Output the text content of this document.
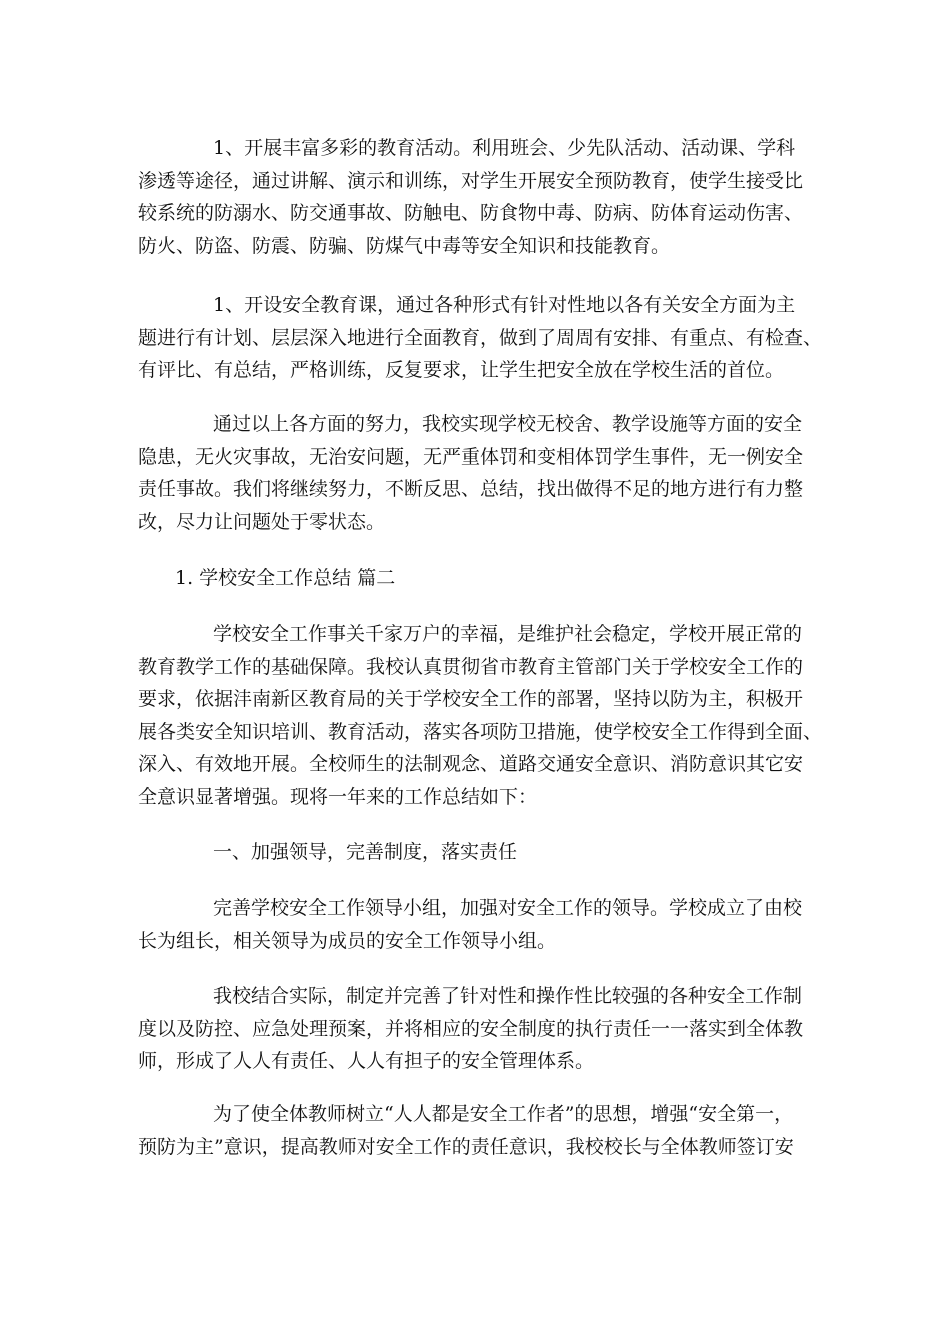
1、开展丰富多彩的教育活动。利用班会、少先队活动、活动课、学科
渗透等途径，通过讲解、演示和训练，对学生开展安全预防教育，使学生接受比
较系统的防溺水、防交通事故、防触电、防食物中毒、防病、防体育运动伤害、
防火、防盗、防震、防骗、防煤气中毒等安全知识和技能教育。
1、开设安全教育课，通过各种形式有针对性地以各有关安全方面为主
题进行有计划、层层深入地进行全面教育，做到了周周有安排、有重点、有检查、
有评比、有总结，严格训练，反复要求，让学生把安全放在学校生活的首位。
通过以上各方面的努力，我校实现学校无校舍、教学设施等方面的安全
隐患，无火灾事故，无治安问题，无严重体罚和变相体罚学生事件，无一例安全
责任事故。我们将继续努力，不断反思、总结，找出做得不足的地方进行有力整
改，尽力让问题处于零状态。
1. 学校安全工作总结 篇二
学校安全工作事关千家万户的幸福，是维护社会稳定，学校开展正常的
教育教学工作的基础保障。我校认真贯彻省市教育主管部门关于学校安全工作的
要求，依据沣南新区教育局的关于学校安全工作的部署，坚持以防为主，积极开
展各类安全知识培训、教育活动，落实各项防卫措施，使学校安全工作得到全面、
深入、有效地开展。全校师生的法制观念、道路交通安全意识、消防意识其它安
全意识显著增强。现将一年来的工作总结如下：
一、加强领导，完善制度，落实责任
完善学校安全工作领导小组，加强对安全工作的领导。学校成立了由校
长为组长，相关领导为成员的安全工作领导小组。
我校结合实际，制定并完善了针对性和操作性比较强的各种安全工作制
度以及防控、应急处理预案，并将相应的安全制度的执行责任一一落实到全体教
师，形成了人人有责任、人人有担子的安全管理体系。
为了使全体教师树立“人人都是安全工作者”的思想，增强“安全第一，
预防为主”意识，提高教师对安全工作的责任意识，我校校长与全体教师签订安
